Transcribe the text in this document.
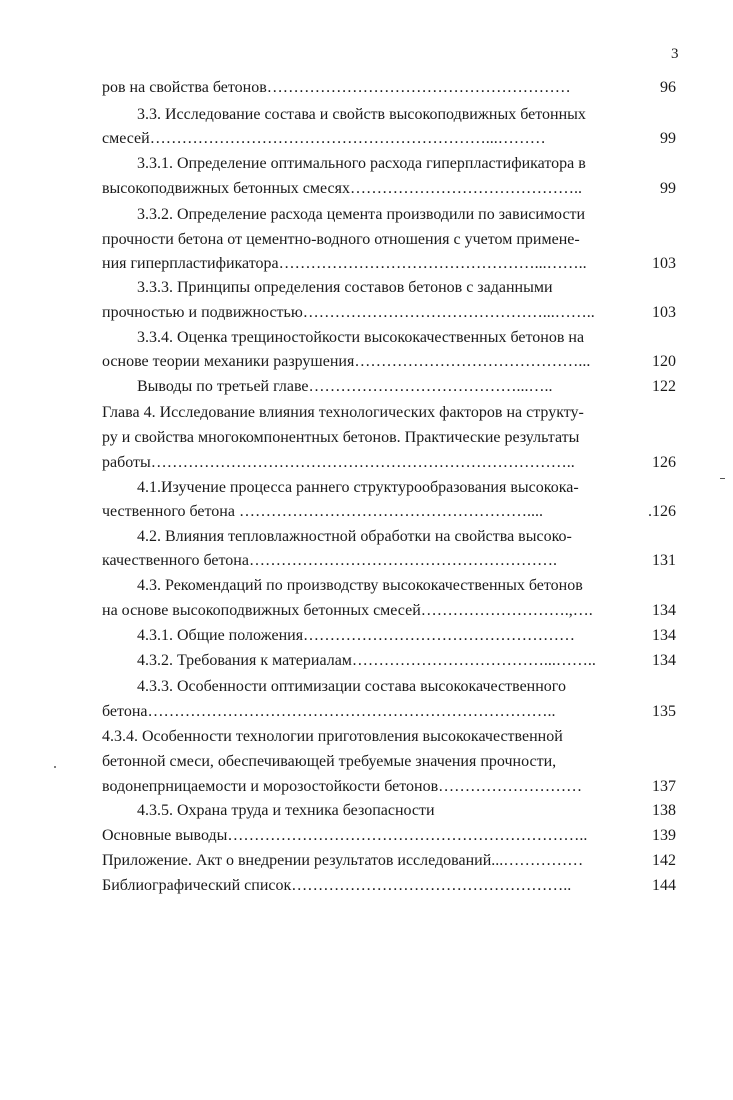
3
ров на свойства бетонов…………………………………………………	96
3.3. Исследование состава и свойств высокоподвижных бетонных
смесей………………………………………………………...………	99
3.3.1. Определение оптимального расхода гиперпластификатора в
высокоподвижных бетонных смесях……………………………………..	99
3.3.2. Определение расхода цемента производили по зависимости
прочности бетона от цементно-водного отношения с учетом примене-
ния гиперпластификатора…………………………………………...……..	103
3.3.3. Принципы определения составов бетонов с заданными
прочностью и подвижностью………………………………………...……..	103
3.3.4. Оценка трещиностойкости высококачественных бетонов на
основе теории механики разрушения……………………………………...	120
Выводы по третьей главе…………………………………...…..	122
Глава 4. Исследование влияния технологических факторов на структу-
ру и свойства многокомпонентных бетонов. Практические результаты
работы……………………………………………………………………..	126
4.1.Изучение процесса раннего структурообразования высокока-
чественного бетона ………………………………………………....	.126
4.2. Влияния тепловлажностной обработки на свойства высоко-
качественного бетона………………………………………………….	131
4.3. Рекомендаций по производству высококачественных бетонов
на основе высокоподвижных бетонных смесей……………………….,….	134
4.3.1. Общие положения……………………………………………	134
4.3.2. Требования к материалам………………………………...……..	134
4.3.3. Особенности оптимизации состава высококачественного
бетона…………………………………………………………………..	135
4.3.4. Особенности технологии приготовления высококачественной
бетонной смеси, обеспечивающей требуемые значения прочности,
водонепрницаемости и морозостойкости бетонов………………………	137
4.3.5. Охрана труда и техника безопасности	138
Основные выводы…………………………………………………………..	139
Приложение. Акт о внедрении результатов исследований...……………	142
Библиографический список……………………………………………..	144
